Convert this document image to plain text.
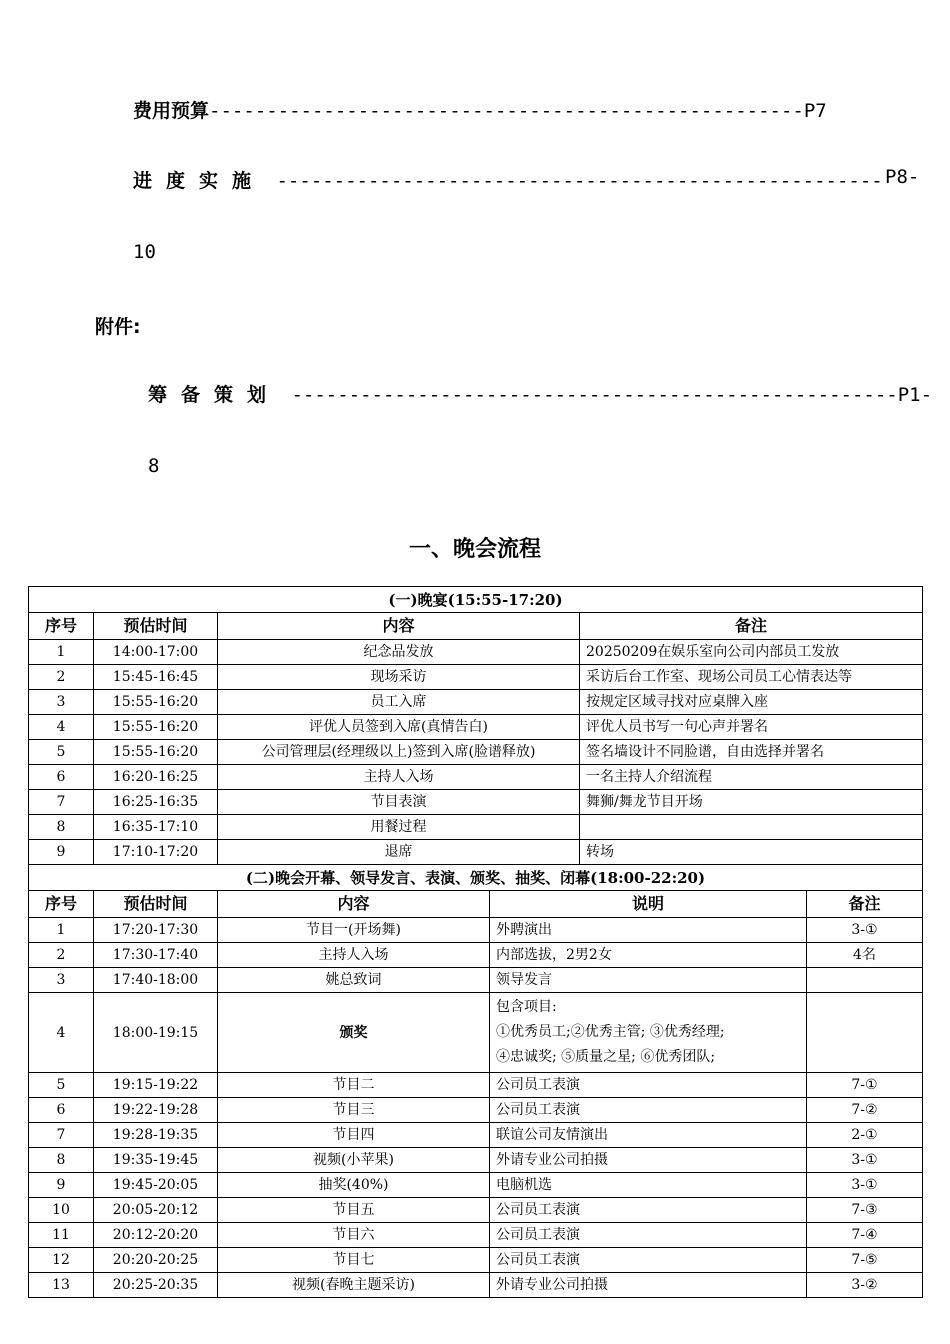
费用预算----------------------------------------------------P7
进度实施 ----------------------------------------------------- P8-
10
附件:
筹备策划 -----------------------------------------------------P1-
8
一、晚会流程
(一)晚宴(15:55-17:20)			
序号	预估时间	内容	备注
1	14:00-17:00	纪念品发放	20250209在娱乐室向公司内部员工发放
2	15:45-16:45	现场采访	采访后台工作室、现场公司员工心情表达等
3	15:55-16:20	员工入席	按规定区域寻找对应桌牌入座
4	15:55-16:20	评优人员签到入席(真情告白)	评优人员书写一句心声并署名
5	15:55-16:20	公司管理层(经理级以上)签到入席(脸谱释放)	签名墙设计不同脸谱，自由选择并署名
6	16:20-16:25	主持人入场	一名主持人介绍流程
7	16:25-16:35	节目表演	舞狮/舞龙节目开场
8	16:35-17:10	用餐过程	
9	17:10-17:20	退席	转场
(二)晚会开幕、领导发言、表演、颁奖、抽奖、闭幕(18:00-22:20)				
序号	预估时间	内容	说明	备注
1	17:20-17:30	节目一(开场舞)	外聘演出	3-①
2	17:30-17:40	主持人入场	内部选拔，2男2女	4名
3	17:40-18:00	姚总致词	领导发言	
4	18:00-19:15	颁奖	包含项目:
①优秀员工;②优秀主管; ③优秀经理;
④忠诚奖; ⑤质量之星; ⑥优秀团队;	

5	19:15-19:22	节目二	公司员工表演	7-①
6	19:22-19:28	节目三	公司员工表演	7-②
7	19:28-19:35	节目四	联谊公司友情演出	2-①
8	19:35-19:45	视频(小苹果)	外请专业公司拍摄	3-①
9	19:45-20:05	抽奖(40%)	电脑机选	3-①
10	20:05-20:12	节目五	公司员工表演	7-③
11	20:12-20:20	节目六	公司员工表演	7-④
12	20:20-20:25	节目七	公司员工表演	7-⑤
13	20:25-20:35	视频(春晚主题采访)	外请专业公司拍摄	3-②
